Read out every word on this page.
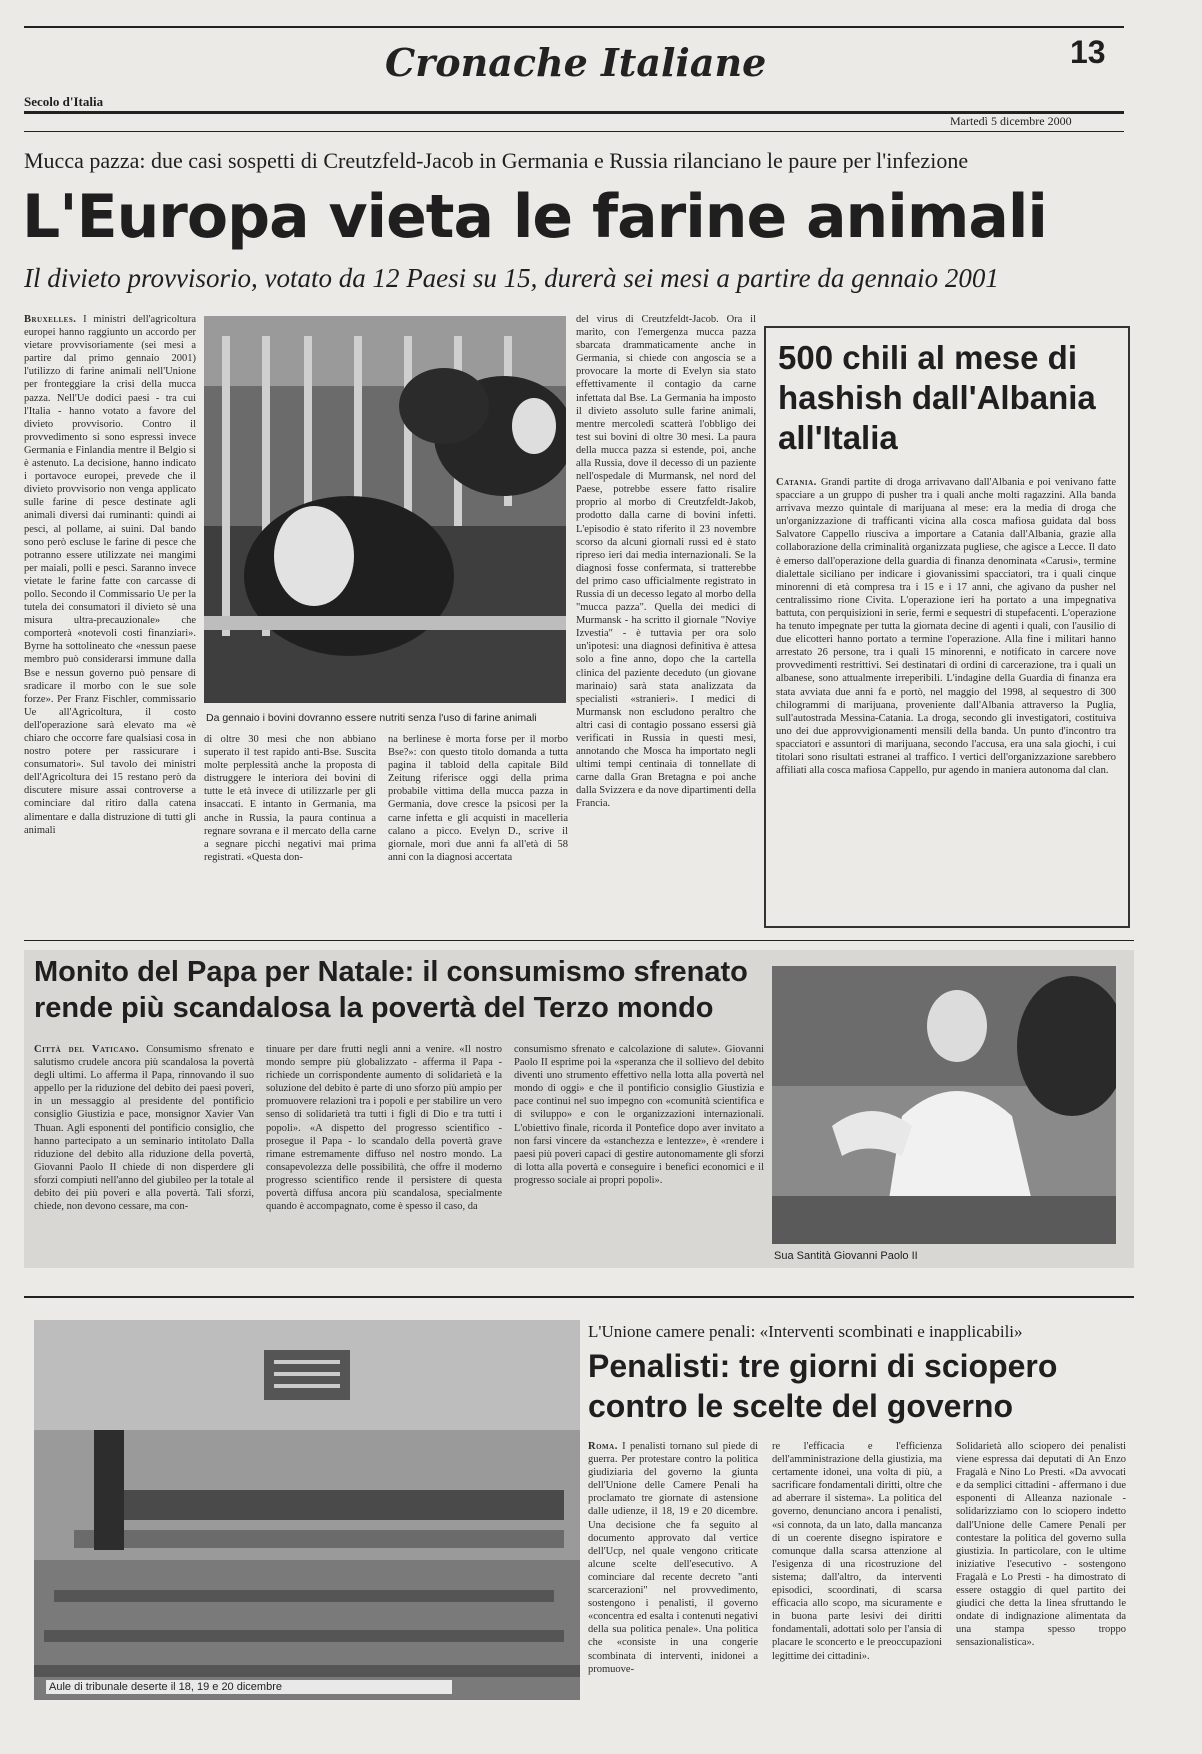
Cronache Italiane	13
Secolo d'Italia
Martedì 5 dicembre 2000
Mucca pazza: due casi sospetti di Creutzfeld-Jacob in Germania e Russia rilanciano le paure per l'infezione
L'Europa vieta le farine animali
Il divieto provvisorio, votato da 12 Paesi su 15, durerà sei mesi a partire da gennaio 2001
Bruxelles. I ministri dell'agricoltura europei hanno raggiunto un accordo per vietare provvisoriamente (sei mesi a partire dal primo gennaio 2001) l'utilizzo di farine animali nell'Unione per fronteggiare la crisi della mucca pazza. Nell'Ue dodici paesi - tra cui l'Italia - hanno votato a favore del divieto provvisorio. Contro il provvedimento si sono espressi invece Germania e Finlandia mentre il Belgio si è astenuto. La decisione, hanno indicato i portavoce europei, prevede che il divieto provvisorio non venga applicato sulle farine di pesce destinate agli animali diversi dai ruminanti: quindi ai pesci, al pollame, ai suini. Dal bando sono però escluse le farine di pesce che potranno essere utilizzate nei mangimi per maiali, polli e pesci. Saranno invece vietate le farine fatte con carcasse di pollo. Secondo il Commissario Ue per la tutela dei consumatori il divieto sè una misura ultra-precauzionale» che comporterà «notevoli costi finanziari». Byrne ha sottolineato che «nessun paese membro può considerarsi immune dalla Bse e nessun governo può pensare di sradicare il morbo con le sue sole forze». Per Franz Fischler, commissario Ue all'Agricoltura, il costo dell'operazione sarà elevato ma «è chiaro che occorre fare qualsiasi cosa in nostro potere per rassicurare i consumatori». Sul tavolo dei ministri dell'Agricoltura dei 15 restano però da discutere misure assai controverse a cominciare dal ritiro dalla catena alimentare e dalla distruzione di tutti gli animali
Da gennaio i bovini dovranno essere nutriti senza l'uso di farine animali
di oltre 30 mesi che non abbiano superato il test rapido anti-Bse. Suscita molte perplessità anche la proposta di distruggere le interiora dei bovini di tutte le età invece di utilizzarle per gli insaccati. E intanto in Germania, ma anche in Russia, la paura continua a regnare sovrana e il mercato della carne a segnare picchi negativi mai prima registrati. «Questa don-
na berlinese è morta forse per il morbo Bse?»: con questo titolo domanda a tutta pagina il tabloid della capitale Bild Zeitung riferisce oggi della prima probabile vittima della mucca pazza in Germania, dove cresce la psicosi per la carne infetta e gli acquisti in macelleria calano a picco. Evelyn D., scrive il giornale, morì due anni fa all'età di 58 anni con la diagnosi accertata
del virus di Creutzfeldt-Jacob. Ora il marito, con l'emergenza mucca pazza sbarcata drammaticamente anche in Germania, si chiede con angoscia se a provocare la morte di Evelyn sia stato effettivamente il contagio da carne infettata dal Bse. La Germania ha imposto il divieto assoluto sulle farine animali, mentre mercoledì scatterà l'obbligo dei test sui bovini di oltre 30 mesi. La paura della mucca pazza si estende, poi, anche alla Russia, dove il decesso di un paziente nell'ospedale di Murmansk, nel nord del Paese, potrebbe essere fatto risalire proprio al morbo di Creutzfeldt-Jakob, prodotto dalla carne di bovini infetti. L'episodio è stato riferito il 23 novembre scorso da alcuni giornali russi ed è stato ripreso ieri dai media internazionali. Se la diagnosi fosse confermata, si tratterebbe del primo caso ufficialmente registrato in Russia di un decesso legato al morbo della "mucca pazza". Quella dei medici di Murmansk - ha scritto il giornale "Noviye Izvestia" - è tuttavia per ora solo un'ipotesi: una diagnosi definitiva è attesa solo a fine anno, dopo che la cartella clinica del paziente deceduto (un giovane marinaio) sarà stata analizzata da specialisti «stranieri». I medici di Murmansk non escludono peraltro che altri casi di contagio possano essersi già verificati in Russia in questi mesi, annotando che Mosca ha importato negli ultimi tempi centinaia di tonnellate di carne dalla Gran Bretagna e poi anche dalla Svizzera e da nove dipartimenti della Francia.
500 chili al mese di hashish dall'Albania all'Italia
Catania. Grandi partite di droga arrivavano dall'Albania e poi venivano fatte spacciare a un gruppo di pusher tra i quali anche molti ragazzini. Alla banda arrivava mezzo quintale di marijuana al mese: era la media di droga che un'organizzazione di trafficanti vicina alla cosca mafiosa guidata dal boss Salvatore Cappello riusciva a importare a Catania dall'Albania, grazie alla collaborazione della criminalità organizzata pugliese, che agisce a Lecce. Il dato è emerso dall'operazione della guardia di finanza denominata «Carusi», termine dialettale siciliano per indicare i giovanissimi spacciatori, tra i quali cinque minorenni di età compresa tra i 15 e i 17 anni, che agivano da pusher nel centralissimo rione Civita. L'operazione ieri ha portato a una impegnativa battuta, con perquisizioni in serie, fermi e sequestri di stupefacenti. L'operazione ha tenuto impegnate per tutta la giornata decine di agenti i quali, con l'ausilio di due elicotteri hanno portato a termine l'operazione. Alla fine i militari hanno arrestato 26 persone, tra i quali 15 minorenni, e notificato in carcere nove provvedimenti restrittivi. Sei destinatari di ordini di carcerazione, tra i quali un albanese, sono attualmente irreperibili. L'indagine della Guardia di finanza era stata avviata due anni fa e portò, nel maggio del 1998, al sequestro di 300 chilogrammi di marijuana, proveniente dall'Albania attraverso la Puglia, sull'autostrada Messina-Catania. La droga, secondo gli investigatori, costituiva uno dei due approvvigionamenti mensili della banda. Un punto d'incontro tra spacciatori e assuntori di marijuana, secondo l'accusa, era una sala giochi, i cui titolari sono risultati estranei al traffico. I vertici dell'organizzazione sarebbero affiliati alla cosca mafiosa Cappello, pur agendo in maniera autonoma dal clan.
Monito del Papa per Natale: il consumismo sfrenato rende più scandalosa la povertà del Terzo mondo
Città del Vaticano. Consumismo sfrenato e salutismo crudele ancora più scandalosa la povertà degli ultimi. Lo afferma il Papa, rinnovando il suo appello per la riduzione del debito dei paesi poveri, in un messaggio al presidente del pontificio consiglio Giustizia e pace, monsignor Xavier Van Thuan. Agli esponenti del pontificio consiglio, che hanno partecipato a un seminario intitolato Dalla riduzione del debito alla riduzione della povertà, Giovanni Paolo II chiede di non disperdere gli sforzi compiuti nell'anno del giubileo per la totale al debito dei più poveri e alla povertà. Tali sforzi, chiede, non devono cessare, ma con-
tinuare per dare frutti negli anni a venire. «Il nostro mondo sempre più globalizzato - afferma il Papa - richiede un corrispondente aumento di solidarietà e la soluzione del debito è parte di uno sforzo più ampio per promuovere relazioni tra i popoli e per stabilire un vero senso di solidarietà tra tutti i figli di Dio e tra tutti i popoli». «A dispetto del progresso scientifico - prosegue il Papa - lo scandalo della povertà grave rimane estremamente diffuso nel nostro mondo. La consapevolezza delle possibilità, che offre il moderno progresso scientifico rende il persistere di questa povertà diffusa ancora più scandalosa, specialmente quando è accompagnato, come è spesso il caso, da
consumismo sfrenato e calcolazione di salute». Giovanni Paolo II esprime poi la «speranza che il sollievo del debito diventi uno strumento effettivo nella lotta alla povertà nel mondo di oggi» e che il pontificio consiglio Giustizia e pace continui nel suo impegno con «comunità scientifica e di sviluppo» e con le organizzazioni internazionali. L'obiettivo finale, ricorda il Pontefice dopo aver invitato a non farsi vincere da «stanchezza e lentezze», è «rendere i paesi più poveri capaci di gestire autonomamente gli sforzi di lotta alla povertà e conseguire i benefici economici e il progresso sociale ai propri popoli».
Sua Santità Giovanni Paolo II
L'Unione camere penali: «Interventi scombinati e inapplicabili»
Penalisti: tre giorni di sciopero contro le scelte del governo
Aule di tribunale deserte il 18, 19 e 20 dicembre
Roma. I penalisti tornano sul piede di guerra. Per protestare contro la politica giudiziaria del governo la giunta dell'Unione delle Camere Penali ha proclamato tre giornate di astensione dalle udienze, il 18, 19 e 20 dicembre. Una decisione che fa seguito al documento approvato dal vertice dell'Ucp, nel quale vengono criticate alcune scelte dell'esecutivo. A cominciare dal recente decreto "anti scarcerazioni" nel provvedimento, sostengono i penalisti, il governo «concentra ed esalta i contenuti negativi della sua politica penale». Una politica che «consiste in una congerie scombinata di interventi, inidonei a promuove-
re l'efficacia e l'efficienza dell'amministrazione della giustizia, ma certamente idonei, una volta di più, a sacrificare fondamentali diritti, oltre che ad aberrare il sistema». La politica del governo, denunciano ancora i penalisti, «si connota, da un lato, dalla mancanza di un coerente disegno ispiratore e comunque dalla scarsa attenzione al l'esigenza di una ricostruzione del sistema; dall'altro, da interventi episodici, scoordinati, di scarsa efficacia allo scopo, ma sicuramente e in buona parte lesivi dei diritti fondamentali, adottati solo per l'ansia di placare le sconcerto e le preoccupazioni legittime dei cittadini».
Solidarietà allo sciopero dei penalisti viene espressa dai deputati di An Enzo Fragalà e Nino Lo Presti. «Da avvocati e da semplici cittadini - affermano i due esponenti di Alleanza nazionale - solidarizziamo con lo sciopero indetto dall'Unione delle Camere Penali per contestare la politica del governo sulla giustizia. In particolare, con le ultime iniziative l'esecutivo - sostengono Fragalà e Lo Presti - ha dimostrato di essere ostaggio di quel partito dei giudici che detta la linea sfruttando le ondate di indignazione alimentata da una stampa spesso troppo sensazionalistica».
